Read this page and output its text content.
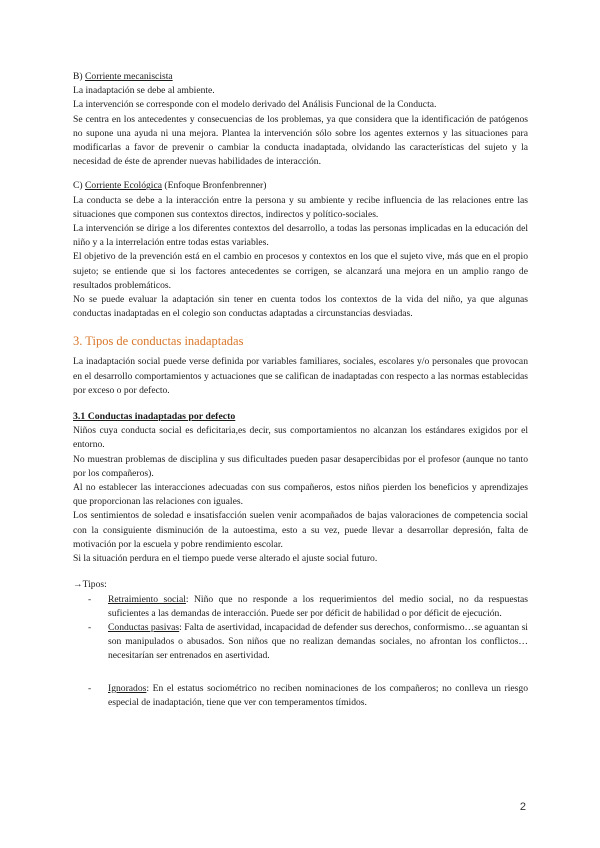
B) Corriente mecaniscista

La inadaptación se debe al ambiente.

La intervención se corresponde con el modelo derivado del Análisis Funcional de la Conducta.

Se centra en los antecedentes y consecuencias de los problemas, ya que considera que la identificación de patógenos no supone una ayuda ni una mejora. Plantea la intervención sólo sobre los agentes externos y las situaciones para modificarlas a favor de prevenir o cambiar la conducta inadaptada, olvidando las características del sujeto y la necesidad de éste de aprender nuevas habilidades de interacción.

C) Corriente Ecológica (Enfoque Bronfenbrenner)

La conducta se debe a la interacción entre la persona y su ambiente y recibe influencia de las relaciones entre las situaciones que componen sus contextos directos, indirectos y político-sociales.

La intervención se dirige a los diferentes contextos del desarrollo, a todas las personas implicadas en la educación del niño y a la interrelación entre todas estas variables.

El objetivo de la prevención está en el cambio en procesos y contextos en los que el sujeto vive, más que en el propio sujeto; se entiende que si los factores antecedentes se corrigen, se alcanzará una mejora en un amplio rango de resultados problemáticos.

No se puede evaluar la adaptación sin tener en cuenta todos los contextos de la vida del niño, ya que algunas conductas inadaptadas en el colegio son conductas adaptadas a circunstancias desviadas.

3. Tipos de conductas inadaptadas

La inadaptación social puede verse definida por variables familiares, sociales, escolares y/o personales que provocan en el desarrollo comportamientos y actuaciones que se califican de inadaptadas con respecto a las normas establecidas por exceso o por defecto.

3.1 Conductas inadaptadas por defecto

Niños cuya conducta social es deficitaria,es decir, sus comportamientos no alcanzan los estándares exigidos por el entorno.

No muestran problemas de disciplina y sus dificultades pueden pasar desapercibidas por el profesor (aunque no tanto por los compañeros).

Al no establecer las interacciones adecuadas con sus compañeros, estos niños pierden los beneficios y aprendizajes que proporcionan las relaciones con iguales.

Los sentimientos de soledad e insatisfacción suelen venir acompañados de bajas valoraciones de competencia social con la consiguiente disminución de la autoestima, esto a su vez, puede llevar a desarrollar depresión, falta de motivación por la escuela y pobre rendimiento escolar.

Si la situación perdura en el tiempo puede verse alterado el ajuste social futuro.

→Tipos:

- Retraimiento social: Niño que no responde a los requerimientos del medio social, no da respuestas suficientes a las demandas de interacción. Puede ser por déficit de habilidad o por déficit de ejecución.
- Conductas pasivas: Falta de asertividad, incapacidad de defender sus derechos, conformismo…se aguantan si son manipulados o abusados. Son niños que no realizan demandas sociales, no afrontan los conflictos… necesitarían ser entrenados en asertividad.
- Ignorados: En el estatus sociométrico no reciben nominaciones de los compañeros; no conlleva un riesgo especial de inadaptación, tiene que ver con temperamentos tímidos.
2
